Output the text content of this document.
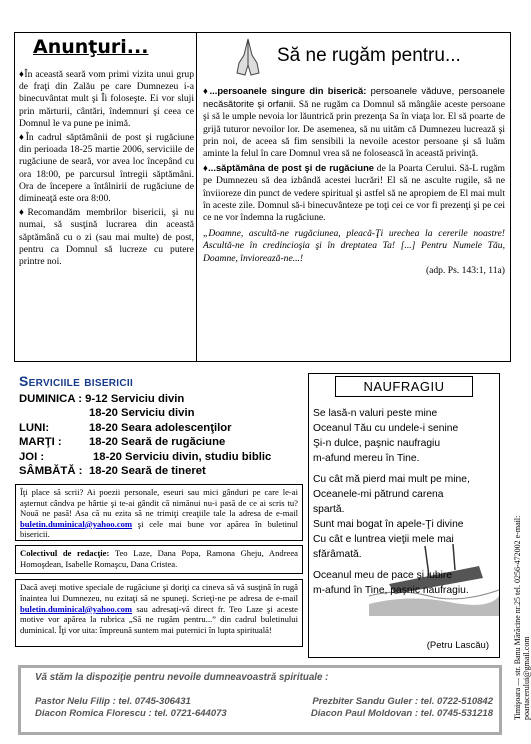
Anunţuri...

♦În această seară vom primi vizita unui grup de fraţi din Zalău pe care Dumnezeu i-a binecuvântat mult şi Îi foloseşte. Ei vor sluji prin mărturii, cântări, îndemnuri şi ceea ce Domnul le va pune pe inimă.

♦În cadrul săptămânii de post şi rugăciune din perioada 18-25 martie 2006, serviciile de rugăciune de seară, vor avea loc începând cu ora 18:00, pe parcursul întregii săptămâni. Ora de începere a întâlnirii de rugăciune de dimineaţă este ora 8:00.

♦Recomandăm membrilor bisericii, şi nu numai, să susţină lucrarea din această săptămână cu o zi (sau mai multe) de post, pentru ca Domnul să lucreze cu putere printre noi.

Să ne rugăm pentru...

♦...persoanele singure din biserică: persoanele văduve, persoanele necăsătorite şi orfanii. Să ne rugăm ca Domnul să mângâie aceste persoane şi să le umple nevoia lor lăuntrică prin prezenţa Sa în viaţa lor. El să poarte de grijă tuturor nevoilor lor. De asemenea, să nu uităm că Dumnezeu lucrează şi prin noi, de aceea să fim sensibili la nevoile acestor persoane şi să luăm aminte la felul în care Domnul vrea să ne folosească în această privinţă.

♦...săptămâna de post şi de rugăciune de la Poarta Cerului. Să-L rugăm pe Dumnezeu să dea izbândă acestei lucrări! El să ne asculte rugile, să ne înviioreze din punct de vedere spiritual şi astfel să ne apropiem de El mai mult în aceste zile. Domnul să-i binecuvânteze pe toţi cei ce vor fi prezenţi şi pe cei ce ne vor îndemna la rugăciune.

„Doamne, ascultă-ne rugăciunea, pleacă-Ţi urechea la cererile noastre! Ascultă-ne în credincioşia şi în dreptatea Ta! [...] Pentru Numele Tău, Doamne, înviorează-ne...!

(adp. Ps. 143:1, 11a)

Serviciile bisericii
DUMINICA : 9-12 Serviciu divin
18-20 Serviciu divin
LUNI:	18-20 Seara adolescenţilor
MARŢI :	18-20 Seară de rugăciune
JOI :	18-20 Serviciu divin, studiu biblic
SÂMBĂTĂ : 18-20 Seară de tineret

Îţi place să scrii? Ai poezii personale, eseuri sau mici gânduri pe care le-ai aşternut cândva pe hârtie şi te-ai gândit că nimănui nu-i pasă de ce ai scris tu? Nouă ne pasă! Asa că nu ezita să ne trimiţi creaţiile tale la adresa de e-mail buletin.duminical@yahoo.com şi cele mai bune vor apărea în buletinul bisericii.

Colectivul de redacţie: Teo Laze, Dana Popa, Ramona Gheju, Andreea Homoşdean, Isabelle Romaşcu, Dana Cristea.

Dacă aveţi motive speciale de rugăciune şi doriţi ca cineva să vă susţină în rugă înaintea lui Dumnezeu, nu ezitaţi să ne spuneţi. Scrieţi-ne pe adresa de e-mail buletin.duminical@yahoo.com sau adresaţi-vă direct fr. Teo Laze şi aceste motive vor apărea la rubrica „Să ne rugăm pentru...” din cadrul buletinului duminical. Îţi vor uita: împreună suntem mai puternici în lupta spirituală!

NAUFRAGIU
Se lasă-n valuri peste mine
Oceanul Tău cu undele-i senine
Şi-n dulce, paşnic naufragiu
m-afund mereu în Tine.
Cu cât mă pierd mai mult pe mine,
Oceanele-mi pătrund carena
spartă.
Sunt mai bogat în apele-Ţi divine
Cu cât e luntrea vieţii mele mai
sfărâmată.
Oceanul meu de pace şi iubire
m-afund în Tine, paşnic naufragiu.
(Petru Lascău)	Timişoara — str. Banu Mărăcine nr.25 tel. 0256-472002 e-mail: poartacerului@gmail.com
Vă stăm la dispoziţie pentru nevoile dumneavoastră spirituale :
Pastor Nelu Filip : tel. 0745-306431	Prezbiter Sandu Guler : tel. 0722-510842
Diacon Romica Florescu : tel. 0721-644073	Diacon Paul Moldovan : tel. 0745-531218
